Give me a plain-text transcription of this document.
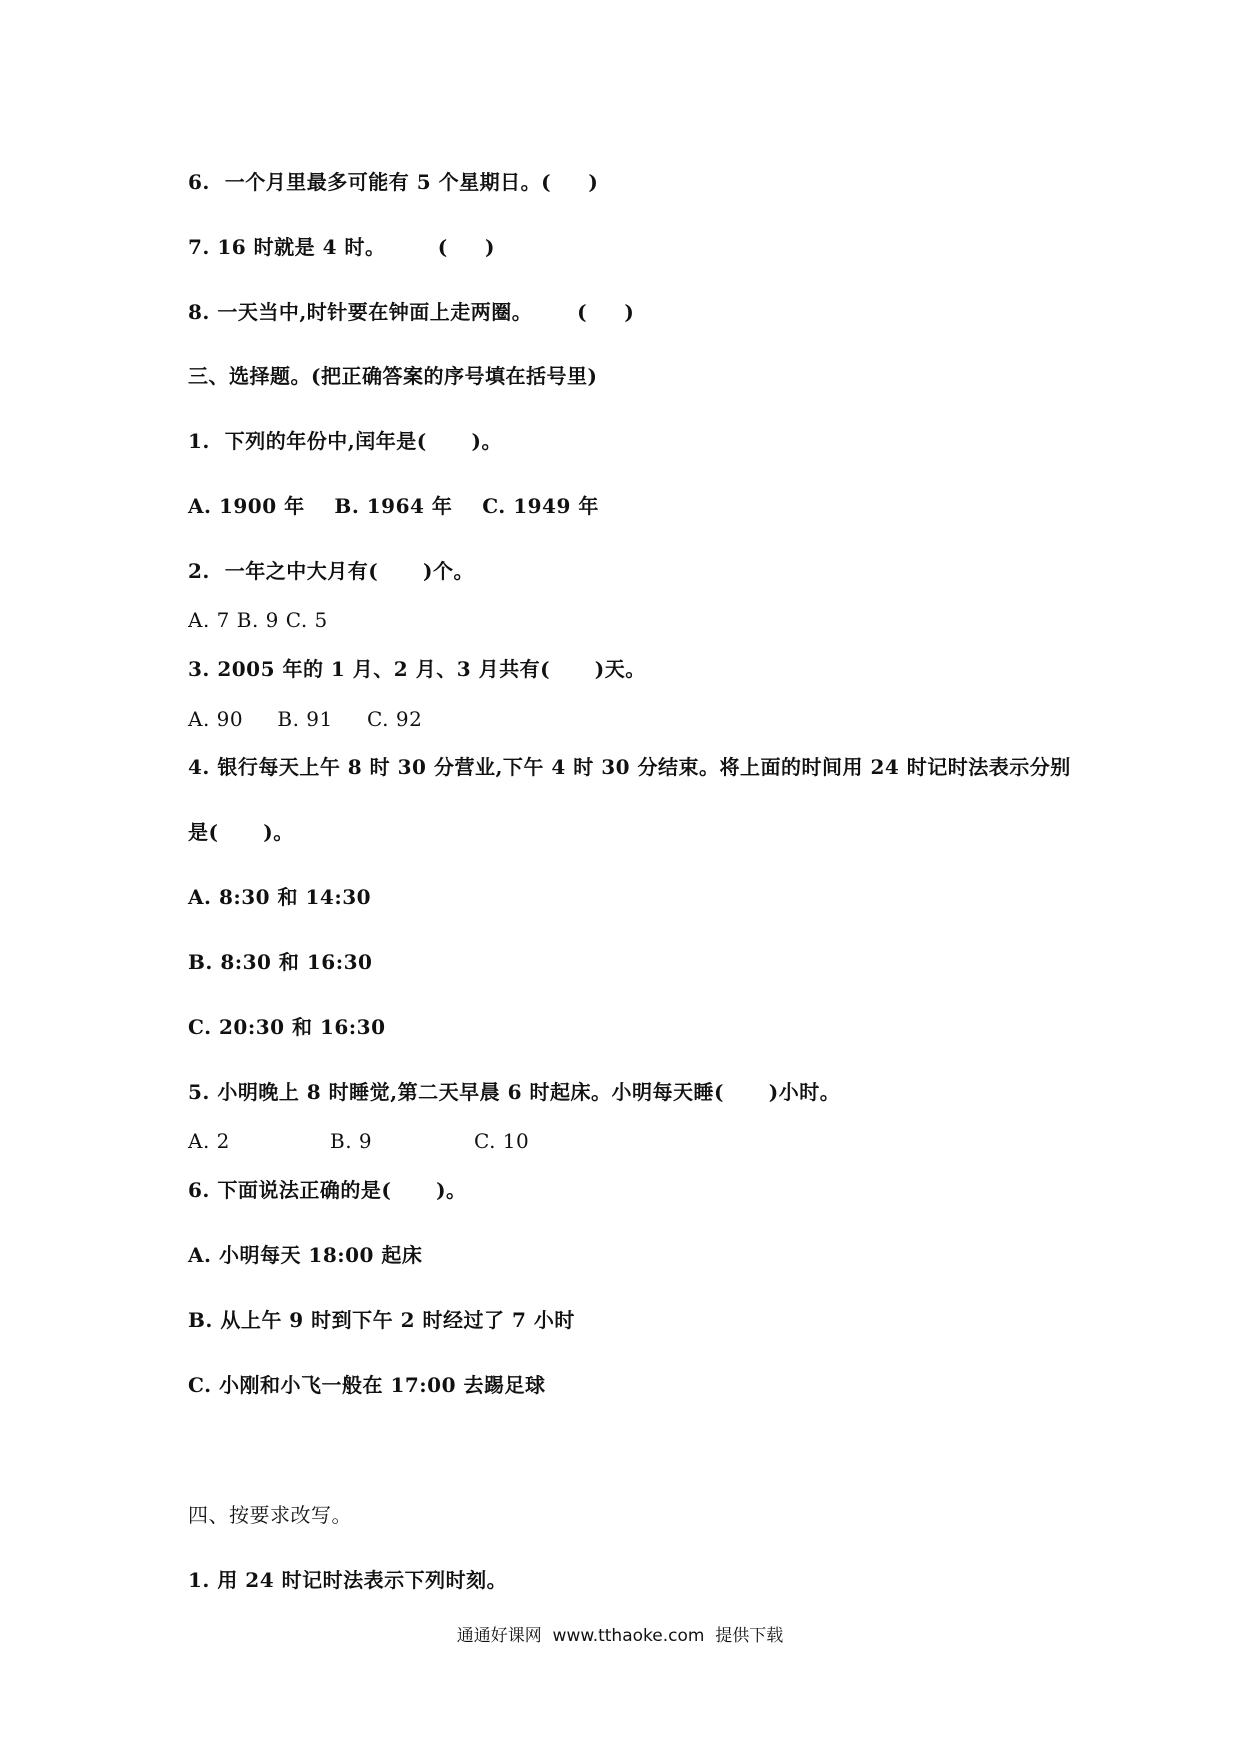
6.  一个月里最多可能有 5 个星期日。(     )
7. 16 时就是 4 时。       (     )
8. 一天当中,时针要在钟面上走两圈。      (     )
三、选择题。(把正确答案的序号填在括号里)
1.  下列的年份中,闰年是(      )。
A. 1900 年    B. 1964 年    C. 1949 年
2.  一年之中大月有(      )个。
A. 7 B. 9 C. 5
3. 2005 年的 1 月、2 月、3 月共有(      )天。
A. 90     B. 91     C. 92
4. 银行每天上午 8 时 30 分营业,下午 4 时 30 分结束。将上面的时间用 24 时记时法表示分别
是(      )。
A. 8:30 和 14:30
B. 8:30 和 16:30
C. 20:30 和 16:30
5. 小明晚上 8 时睡觉,第二天早晨 6 时起床。小明每天睡(      )小时。

A. 2

	B. 9

	C. 10

6. 下面说法正确的是(      )。
A. 小明每天 18:00 起床
B. 从上午 9 时到下午 2 时经过了 7 小时
C. 小刚和小飞一般在 17:00 去踢足球
四、按要求改写。
1. 用 24 时记时法表示下列时刻。
通通好课网  www.tthaoke.com  提供下载
